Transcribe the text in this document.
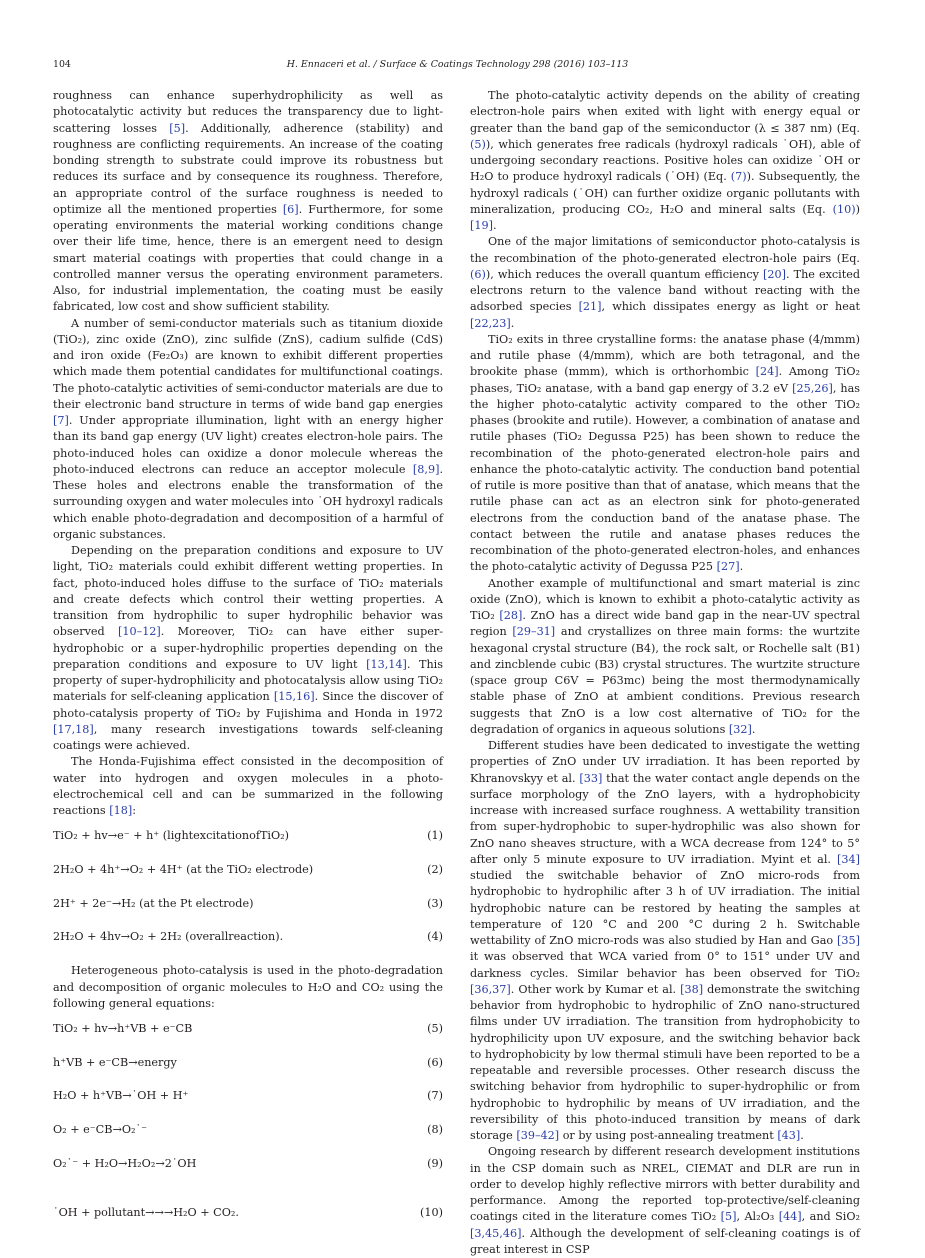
104	H. Ennaceri et al. / Surface & Coatings Technology 298 (2016) 103–113

roughness can enhance superhydrophilicity as well as photocatalytic activity but reduces the transparency due to light-scattering losses [5]. Additionally, adherence (stability) and roughness are conflicting requirements. An increase of the coating bonding strength to substrate could improve its robustness but reduces its surface and by consequence its roughness. Therefore, an appropriate control of the surface roughness is needed to optimize all the mentioned properties [6]. Furthermore, for some operating environments the material working conditions change over their life time, hence, there is an emergent need to design smart material coatings with properties that could change in a controlled manner versus the operating environment parameters. Also, for industrial implementation, the coating must be easily fabricated, low cost and show sufficient stability.

A number of semi-conductor materials such as titanium dioxide (TiO₂), zinc oxide (ZnO), zinc sulfide (ZnS), cadium sulfide (CdS) and iron oxide (Fe₂O₃) are known to exhibit different properties which made them potential candidates for multifunctional coatings. The photo-catalytic activities of semi-conductor materials are due to their electronic band structure in terms of wide band gap energies [7]. Under appropriate illumination, light with an energy higher than its band gap energy (UV light) creates electron-hole pairs. The photo-induced holes can oxidize a donor molecule whereas the photo-induced electrons can reduce an acceptor molecule [8,9]. These holes and electrons enable the transformation of the surrounding oxygen and water molecules into ˙OH hydroxyl radicals which enable photo-degradation and decomposition of a harmful of organic substances.

Depending on the preparation conditions and exposure to UV light, TiO₂ materials could exhibit different wetting properties. In fact, photo-induced holes diffuse to the surface of TiO₂ materials and create defects which control their wetting properties. A transition from hydrophilic to super hydrophilic behavior was observed [10–12]. Moreover, TiO₂ can have either super-hydrophobic or a super-hydrophilic properties depending on the preparation conditions and exposure to UV light [13,14]. This property of super-hydrophilicity and photocatalysis allow using TiO₂ materials for self-cleaning application [15,16]. Since the discover of photo-catalysis property of TiO₂ by Fujishima and Honda in 1972 [17,18], many research investigations towards self-cleaning coatings were achieved.

The Honda-Fujishima effect consisted in the decomposition of water into hydrogen and oxygen molecules in a photo-electrochemical cell and can be summarized in the following reactions [18]:

TiO₂ + hv→e⁻ + h⁺ (lightexcitationofTiO₂)	(1)
2H₂O + 4h⁺→O₂ + 4H⁺ (at the TiO₂ electrode)	(2)
2H⁺ + 2e⁻→H₂ (at the Pt electrode)	(3)
2H₂O + 4hv→O₂ + 2H₂ (overallreaction).	(4)

Heterogeneous photo-catalysis is used in the photo-degradation and decomposition of organic molecules to H₂O and CO₂ using the following general equations:

TiO₂ + hv→h⁺VB + e⁻CB	(5)
h⁺VB + e⁻CB→energy	(6)
H₂O + h⁺VB→˙OH + H⁺	(7)
O₂ + e⁻CB→O₂˙⁻	(8)
O₂˙⁻ + H₂O→H₂O₂→2˙OH	(9)
˙OH + pollutant→→→H₂O + CO₂.	(10)

The photo-catalytic activity depends on the ability of creating electron-hole pairs when exited with light with energy equal or greater than the band gap of the semiconductor (λ ≤ 387 nm) (Eq. (5)), which generates free radicals (hydroxyl radicals ˙OH), able of undergoing secondary reactions. Positive holes can oxidize ˙OH or H₂O to produce hydroxyl radicals (˙OH) (Eq. (7)). Subsequently, the hydroxyl radicals (˙OH) can further oxidize organic pollutants with mineralization, producing CO₂, H₂O and mineral salts (Eq. (10)) [19].

One of the major limitations of semiconductor photo-catalysis is the recombination of the photo-generated electron-hole pairs (Eq. (6)), which reduces the overall quantum efficiency [20]. The excited electrons return to the valence band without reacting with the adsorbed species [21], which dissipates energy as light or heat [22,23].

TiO₂ exits in three crystalline forms: the anatase phase (4/mmm) and rutile phase (4/mmm), which are both tetragonal, and the brookite phase (mmm), which is orthorhombic [24]. Among TiO₂ phases, TiO₂ anatase, with a band gap energy of 3.2 eV [25,26], has the higher photo-catalytic activity compared to the other TiO₂ phases (brookite and rutile). However, a combination of anatase and rutile phases (TiO₂ Degussa P25) has been shown to reduce the recombination of the photo-generated electron-hole pairs and enhance the photo-catalytic activity. The conduction band potential of rutile is more positive than that of anatase, which means that the rutile phase can act as an electron sink for photo-generated electrons from the conduction band of the anatase phase. The contact between the rutile and anatase phases reduces the recombination of the photo-generated electron-holes, and enhances the photo-catalytic activity of Degussa P25 [27].

Another example of multifunctional and smart material is zinc oxide (ZnO), which is known to exhibit a photo-catalytic activity as TiO₂ [28]. ZnO has a direct wide band gap in the near-UV spectral region [29–31] and crystallizes on three main forms: the wurtzite hexagonal crystal structure (B4), the rock salt, or Rochelle salt (B1) and zincblende cubic (B3) crystal structures. The wurtzite structure (space group C6V = P63mc) being the most thermodynamically stable phase of ZnO at ambient conditions. Previous research suggests that ZnO is a low cost alternative of TiO₂ for the degradation of organics in aqueous solutions [32].

Different studies have been dedicated to investigate the wetting properties of ZnO under UV irradiation. It has been reported by Khranovskyy et al. [33] that the water contact angle depends on the surface morphology of the ZnO layers, with a hydrophobicity increase with increased surface roughness. A wettability transition from super-hydrophobic to super-hydrophilic was also shown for ZnO nano sheaves structure, with a WCA decrease from 124° to 5° after only 5 minute exposure to UV irradiation. Myint et al. [34] studied the switchable behavior of ZnO micro-rods from hydrophobic to hydrophilic after 3 h of UV irradiation. The initial hydrophobic nature can be restored by heating the samples at temperature of 120 °C and 200 °C during 2 h. Switchable wettability of ZnO micro-rods was also studied by Han and Gao [35] it was observed that WCA varied from 0° to 151° under UV and darkness cycles. Similar behavior has been observed for TiO₂ [36,37]. Other work by Kumar et al. [38] demonstrate the switching behavior from hydrophobic to hydrophilic of ZnO nano-structured films under UV irradiation. The transition from hydrophobicity to hydrophilicity upon UV exposure, and the switching behavior back to hydrophobicity by low thermal stimuli have been reported to be a repeatable and reversible processes. Other research discuss the switching behavior from hydrophilic to super-hydrophilic or from hydrophobic to hydrophilic by means of UV irradiation, and the reversibility of this photo-induced transition by means of dark storage [39–42] or by using post-annealing treatment [43].

Ongoing research by different research development institutions in the CSP domain such as NREL, CIEMAT and DLR are run in order to develop highly reflective mirrors with better durability and performance. Among the reported top-protective/self-cleaning coatings cited in the literature comes TiO₂ [5], Al₂O₃ [44], and SiO₂ [3,45,46]. Although the development of self-cleaning coatings is of great interest in CSP
